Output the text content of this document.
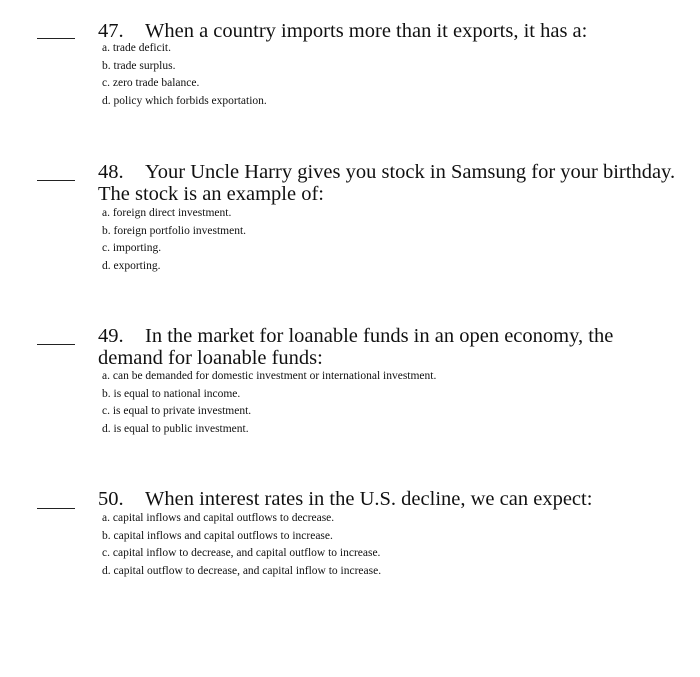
47. When a country imports more than it exports, it has a:
a. trade deficit.
b. trade surplus.
c. zero trade balance.
d. policy which forbids exportation.
48. Your Uncle Harry gives you stock in Samsung for your birthday.
The stock is an example of:
a. foreign direct investment.
b. foreign portfolio investment.
c. importing.
d. exporting.
49. In the market for loanable funds in an open economy, the
demand for loanable funds:
a. can be demanded for domestic investment or international investment.
b. is equal to national income.
c. is equal to private investment.
d. is equal to public investment.
50. When interest rates in the U.S. decline, we can expect:
a. capital inflows and capital outflows to decrease.
b. capital inflows and capital outflows to increase.
c. capital inflow to decrease, and capital outflow to increase.
d. capital outflow to decrease, and capital inflow to increase.
